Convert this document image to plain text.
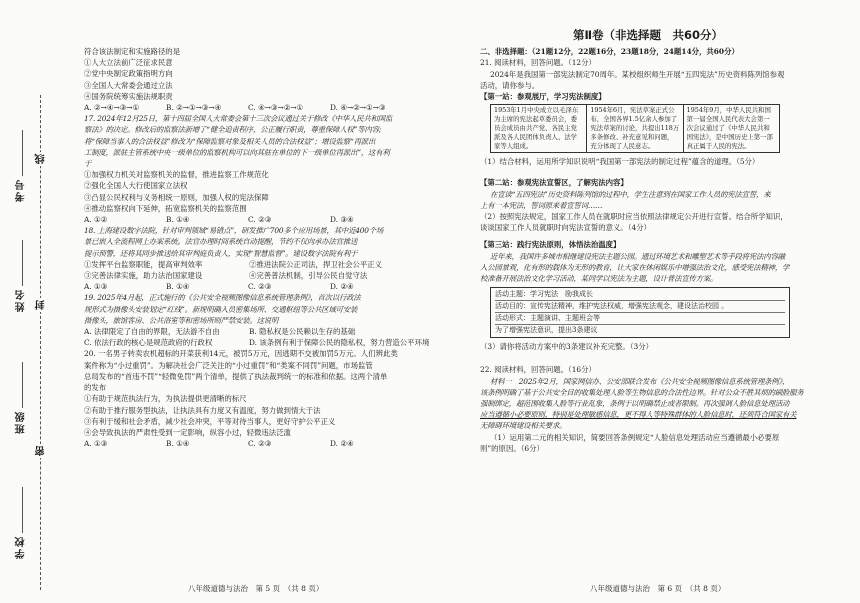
考号
姓名
班级
学校
线
封
密
符合该法制定和实施路径的是
①人大立法前广泛征求民意
②党中央制定政策指明方向
③全国人大常委会通过立法
④国务院统筹实施法规职责
A. ②→④→③→①	B. ②→①→③→④	C. ④→③→②→①	D. ④→②→①→③
17. 2024年12月25日，第十四届全国人大常委会第十三次会议通过关于修改《中华人民共和国监
察法》的决定。修改后的监察法新增了“健全追责程序，公正履行职责，尊重保障人权”等内容;
将“保障当事人的合法权益”修改为“保障监察对象及相关人员的合法权益”；增设监察“再派出
工制度，派驻主管系统中央一级单位的监察机构可以向其驻在单位的下一级单位再派出”，这有利
于
①加强权力机关对监察机关的监督，推进监察工作规范化
②强化全国人大行使国家立法权
③凸显公民权利与义务相统一原则，加强人权的宪法保障
④推动监察权向下延伸，拓宽监察机关的监察范围
A. ①②	B. ①④	C. ②③	D. ③④
18. 上海建设数字法院，针对审判领域“易错点”，研发推广700多个应用场景，其中近400个场
景已嵌入全流程网上办案系统。法官办理时间系统自动提醒，节约不仅向承办法官推送
提示预警，还将其同步推送给其审判庭负责人，实现“智慧监督”。建设数字法院有利于
①发挥平台监察职能，提高审判效率	②推进法院公正司法，捍卫社会公平正义
③完善法律实施，助力法治国家建设	④完善普法机制，引导公民自觉守法
A. ①③	B. ①④	C. ②③	D. ②④
19. 2025年4月起，正式施行的《公共安全视频图像信息系统管理条例》，首次以行政法
规形式为摄像头安装划定“红线”。新规明确入员密集场所、交通枢纽等公共区域可安装
摄像头，旅馆客房、公共浴室等和密场所则严禁安装。这说明
A. 法律限定了自由的界限，无法游不自由	B. 隐私权是公民赖以生存的基础
C. 依法行政的核心是规范政府的行政权	D. 该条例有利于保障公民的隐私权，努力营造公平环境
20. 一名男子转卖农机超标的开菜获利14元，被罚5万元，因逃期不交被加罚5万元。人们辨此类
案件称为“小过重罚”。为解决社会广泛关注的“小过重罚”和“类案不同罚”问题，市场监管
总局发布的“首违不罚”“轻微免罚”两个清单，提供了执法裁判统一的标准和依据。这两个清单
的发布
①有助于规范执法行为，为执法提供更清晰的标尺
②有助于推行服务型执法，让执法具有力度又有温度，努力做到情大于法
③有利于缓和社会矛盾，减少社会冲突，平等对待当事人，更好守护公平正义
④会导致执法的严肃性受到一定影响，纵容小过，轻微违法泛滥
A. ①③	B. ①④	C. ②③	D. ②④
八年级道德与法治　第 5 页　（共 8 页）
第Ⅱ卷（非选择题　共60分）
二、非选择题：（21题12分，22题16分，23题18分，24题14分，共60分）
21. 阅读材料，回答问题。（12分）
2024年是我国第一部宪法制定70周年。某校组织师生开展“五四宪法”历史资料陈列馆参观
活动，请你参与。
【第一站：参观展厅，学习宪法制度】
1953年1月中央成立以毛泽东为主席的宪法起草委员会，委员会成员由共产党、各民主党派及各人民团体负责人、法学家等人组成。	1954年6月，宪法草案正式公布，全国各界1.5亿余人参加了宪法草案的讨论，共提出118万多条修改、补充意见和问题，充分体现了人民意志。	1954年9月，中华人民共和国第一届全国人民代表大会第一次会议通过了《中华人民共和国宪法》，是中国历史上第一部真正属于人民的宪法。
（1）结合材料，运用所学知识说明“我国第一部宪法的制定过程”蕴含的道理。（5分）
【第二站：参观宪法宣誓区，了解宪法内容】
在宣读“五四宪法”历史资料陈列馆的过程中，学生注意到在国家工作人员的宪法宣誓，来
上有一本宪法，誓词原来着宣誓词……
（2）按照宪法规定，国家工作人员在就职时应当依照法律规定公开进行宣誓。结合所学知识，
谈谈国家工作人员就职时向宪法宣誓的意义。（4分）
【第三站：践行宪法原则，体悟法治温度】
近年来，我国许多城市相继建设宪法主题公园。通过环境艺术和雕塑艺术等手段将宪法内容融
入公园景观，化有形的载体为无形的教育，让大家在休闲娱乐中增强法治文化，感受宪法精神，学
校准备开展法治文化学习活动，某同学以宪法为主题，设计普法宣传方案。
活动主题：学习宪法　励我成长
活动目的：宣传宪法精神，维护宪法权威，增强宪法观念，建设法治校园 。
活动形式：主题演讲、主题班会等
为了增强宪法意识，提出3条建议
（3）请你将活动方案中的3条建议补充完整。（3分）
22. 阅读材料，回答问题。（16分）
材料一　2025年2月，国家网信办、公安部联合发布《公共安全视频图像信息系统管理条例》，
该条例明确了基于公共安全目的收集处理人脸等生物信息的合法性边界。针对公众不胜其烦的刷脸服务
强制绑定，超范围收集人脸等行业乱象，条例于以明确禁止或者限制。再次强调人脸信息处理活动
应当遵循小必要原则，特别是处理敏感信息，更不得人等特殊群体的人脸信息时，还须符合国家有关
无障碍环境建设相关要求。
（1）运用第二元的相关知识，简要回答条例规定“人脸信息处理活动应当遵循最小必要原
则”的原因。（6分）
八年级道德与法治　第 6 页　（共 8 页）
